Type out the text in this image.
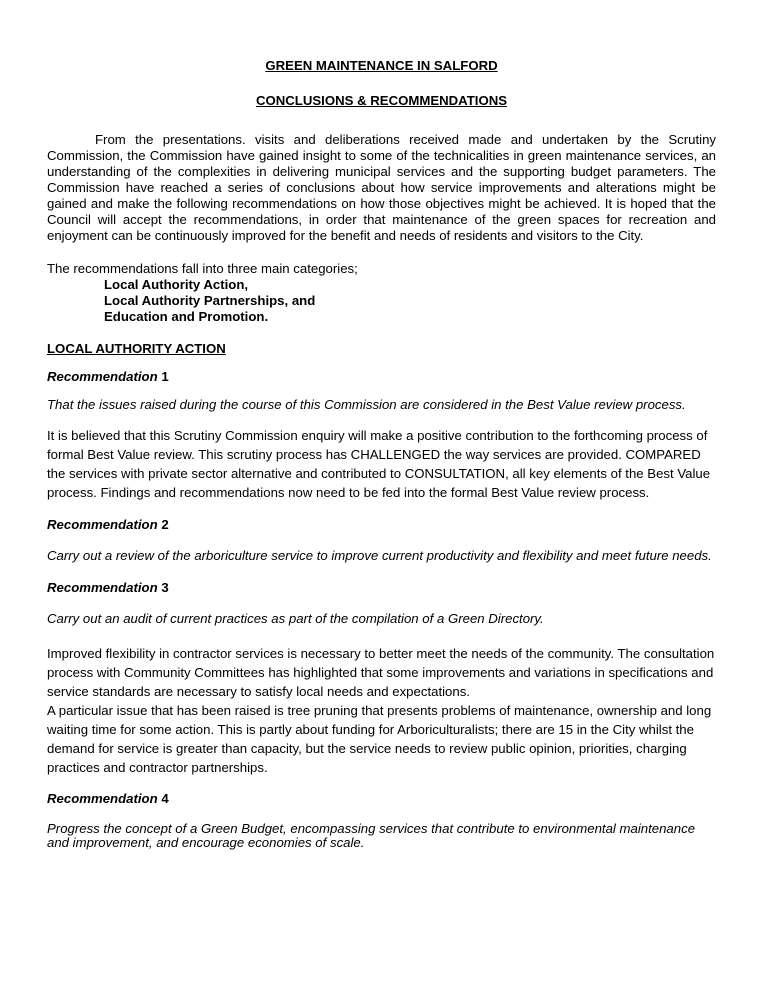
GREEN MAINTENANCE IN SALFORD
CONCLUSIONS & RECOMMENDATIONS

From the presentations. visits and deliberations received made and undertaken by the Scrutiny Commission, the Commission have gained insight to some of the technicalities in green maintenance services, an understanding of the complexities in delivering municipal services and the supporting budget parameters. The Commission have reached a series of conclusions about how service improvements and alterations might be gained and make the following recommendations on how those objectives might be achieved. It is hoped that the Council will accept the recommendations, in order that maintenance of the green spaces for recreation and enjoyment can be continuously improved for the benefit and needs of residents and visitors to the City.

The recommendations fall into three main categories;

Local Authority Action,
Local Authority Partnerships, and
Education and Promotion.

LOCAL AUTHORITY ACTION

Recommendation 1

That the issues raised during the course of this Commission are considered in the Best Value review process.

It is believed that this Scrutiny Commission enquiry will make a positive contribution to the forthcoming process of formal Best Value review. This scrutiny process has CHALLENGED the way services are provided. COMPARED the services with private sector alternative and contributed to CONSULTATION, all key elements of the Best Value process. Findings and recommendations now need to be fed into the formal Best Value review process.

Recommendation 2

Carry out a review of the arboriculture service to improve current productivity and flexibility and meet future needs.

Recommendation 3

Carry out an audit of current practices as part of the compilation of a Green Directory.

Improved flexibility in contractor services is necessary to better meet the needs of the community. The consultation process with Community Committees has highlighted that some improvements and variations in specifications and service standards are necessary to satisfy local needs and expectations.

A particular issue that has been raised is tree pruning that presents problems of maintenance, ownership and long waiting time for some action. This is partly about funding for Arboriculturalists; there are 15 in the City whilst the demand for service is greater than capacity, but the service needs to review public opinion, priorities, charging practices and contractor partnerships.

Recommendation 4

Progress the concept of a Green Budget, encompassing services that contribute to environmental maintenance and improvement, and encourage economies of scale.
